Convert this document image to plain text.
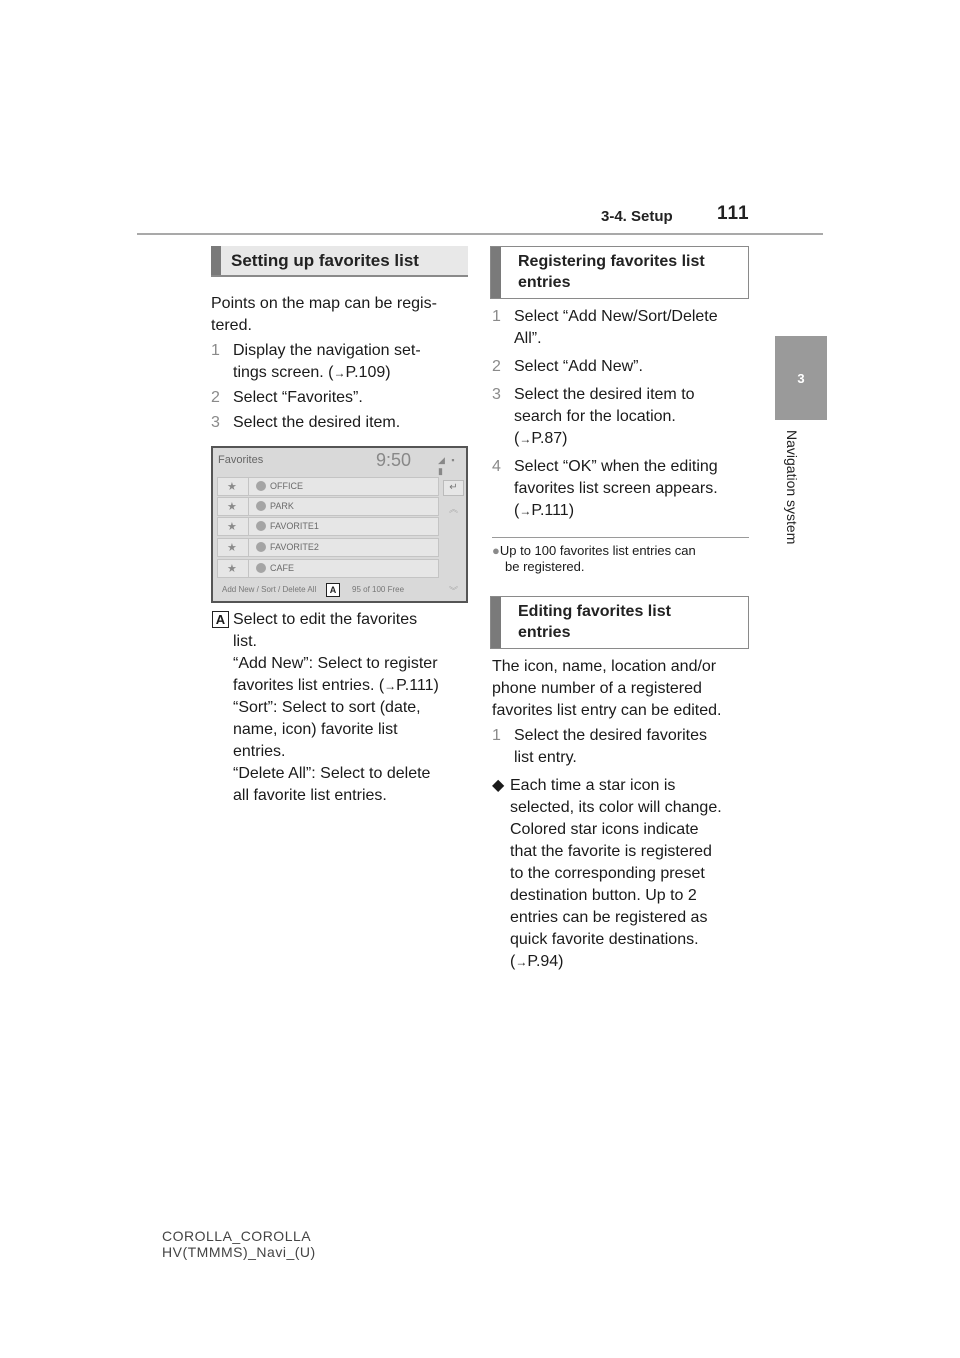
3-4. Setup 111
3
Navigation system
Setting up favorites list
Points on the map can be regis-
tered.
1 Display the navigation set-
tings screen. (→P.109)
2 Select “Favorites”.
3 Select the desired item.
Favorites	9:50	◢ ▪ ▮
★	OFFICE
★	PARK
★	FAVORITE1
★	FAVORITE2
★	CAFE
↵
︽
︾
Add New / Sort / Delete All	A	95 of 100 Free
A Select to edit the favorites
list.
“Add New”: Select to register
favorites list entries. (→P.111)
“Sort”: Select to sort (date,
name, icon) favorite list
entries.
“Delete All”: Select to delete
all favorite list entries.
Registering favorites list
entries
1 Select “Add New/Sort/Delete
All”.
2 Select “Add New”.
3 Select the desired item to
search for the location.
(→P.87)
4 Select “OK” when the editing
favorites list screen appears.
(→P.111)
●Up to 100 favorites list entries can
be registered.
Editing favorites list
entries
The icon, name, location and/or
phone number of a registered
favorites list entry can be edited.
1 Select the desired favorites
list entry.
◆ Each time a star icon is
selected, its color will change.
Colored star icons indicate
that the favorite is registered
to the corresponding preset
destination button. Up to 2
entries can be registered as
quick favorite destinations.
(→P.94)
COROLLA_COROLLA
HV(TMMMS)_Navi_(U)
